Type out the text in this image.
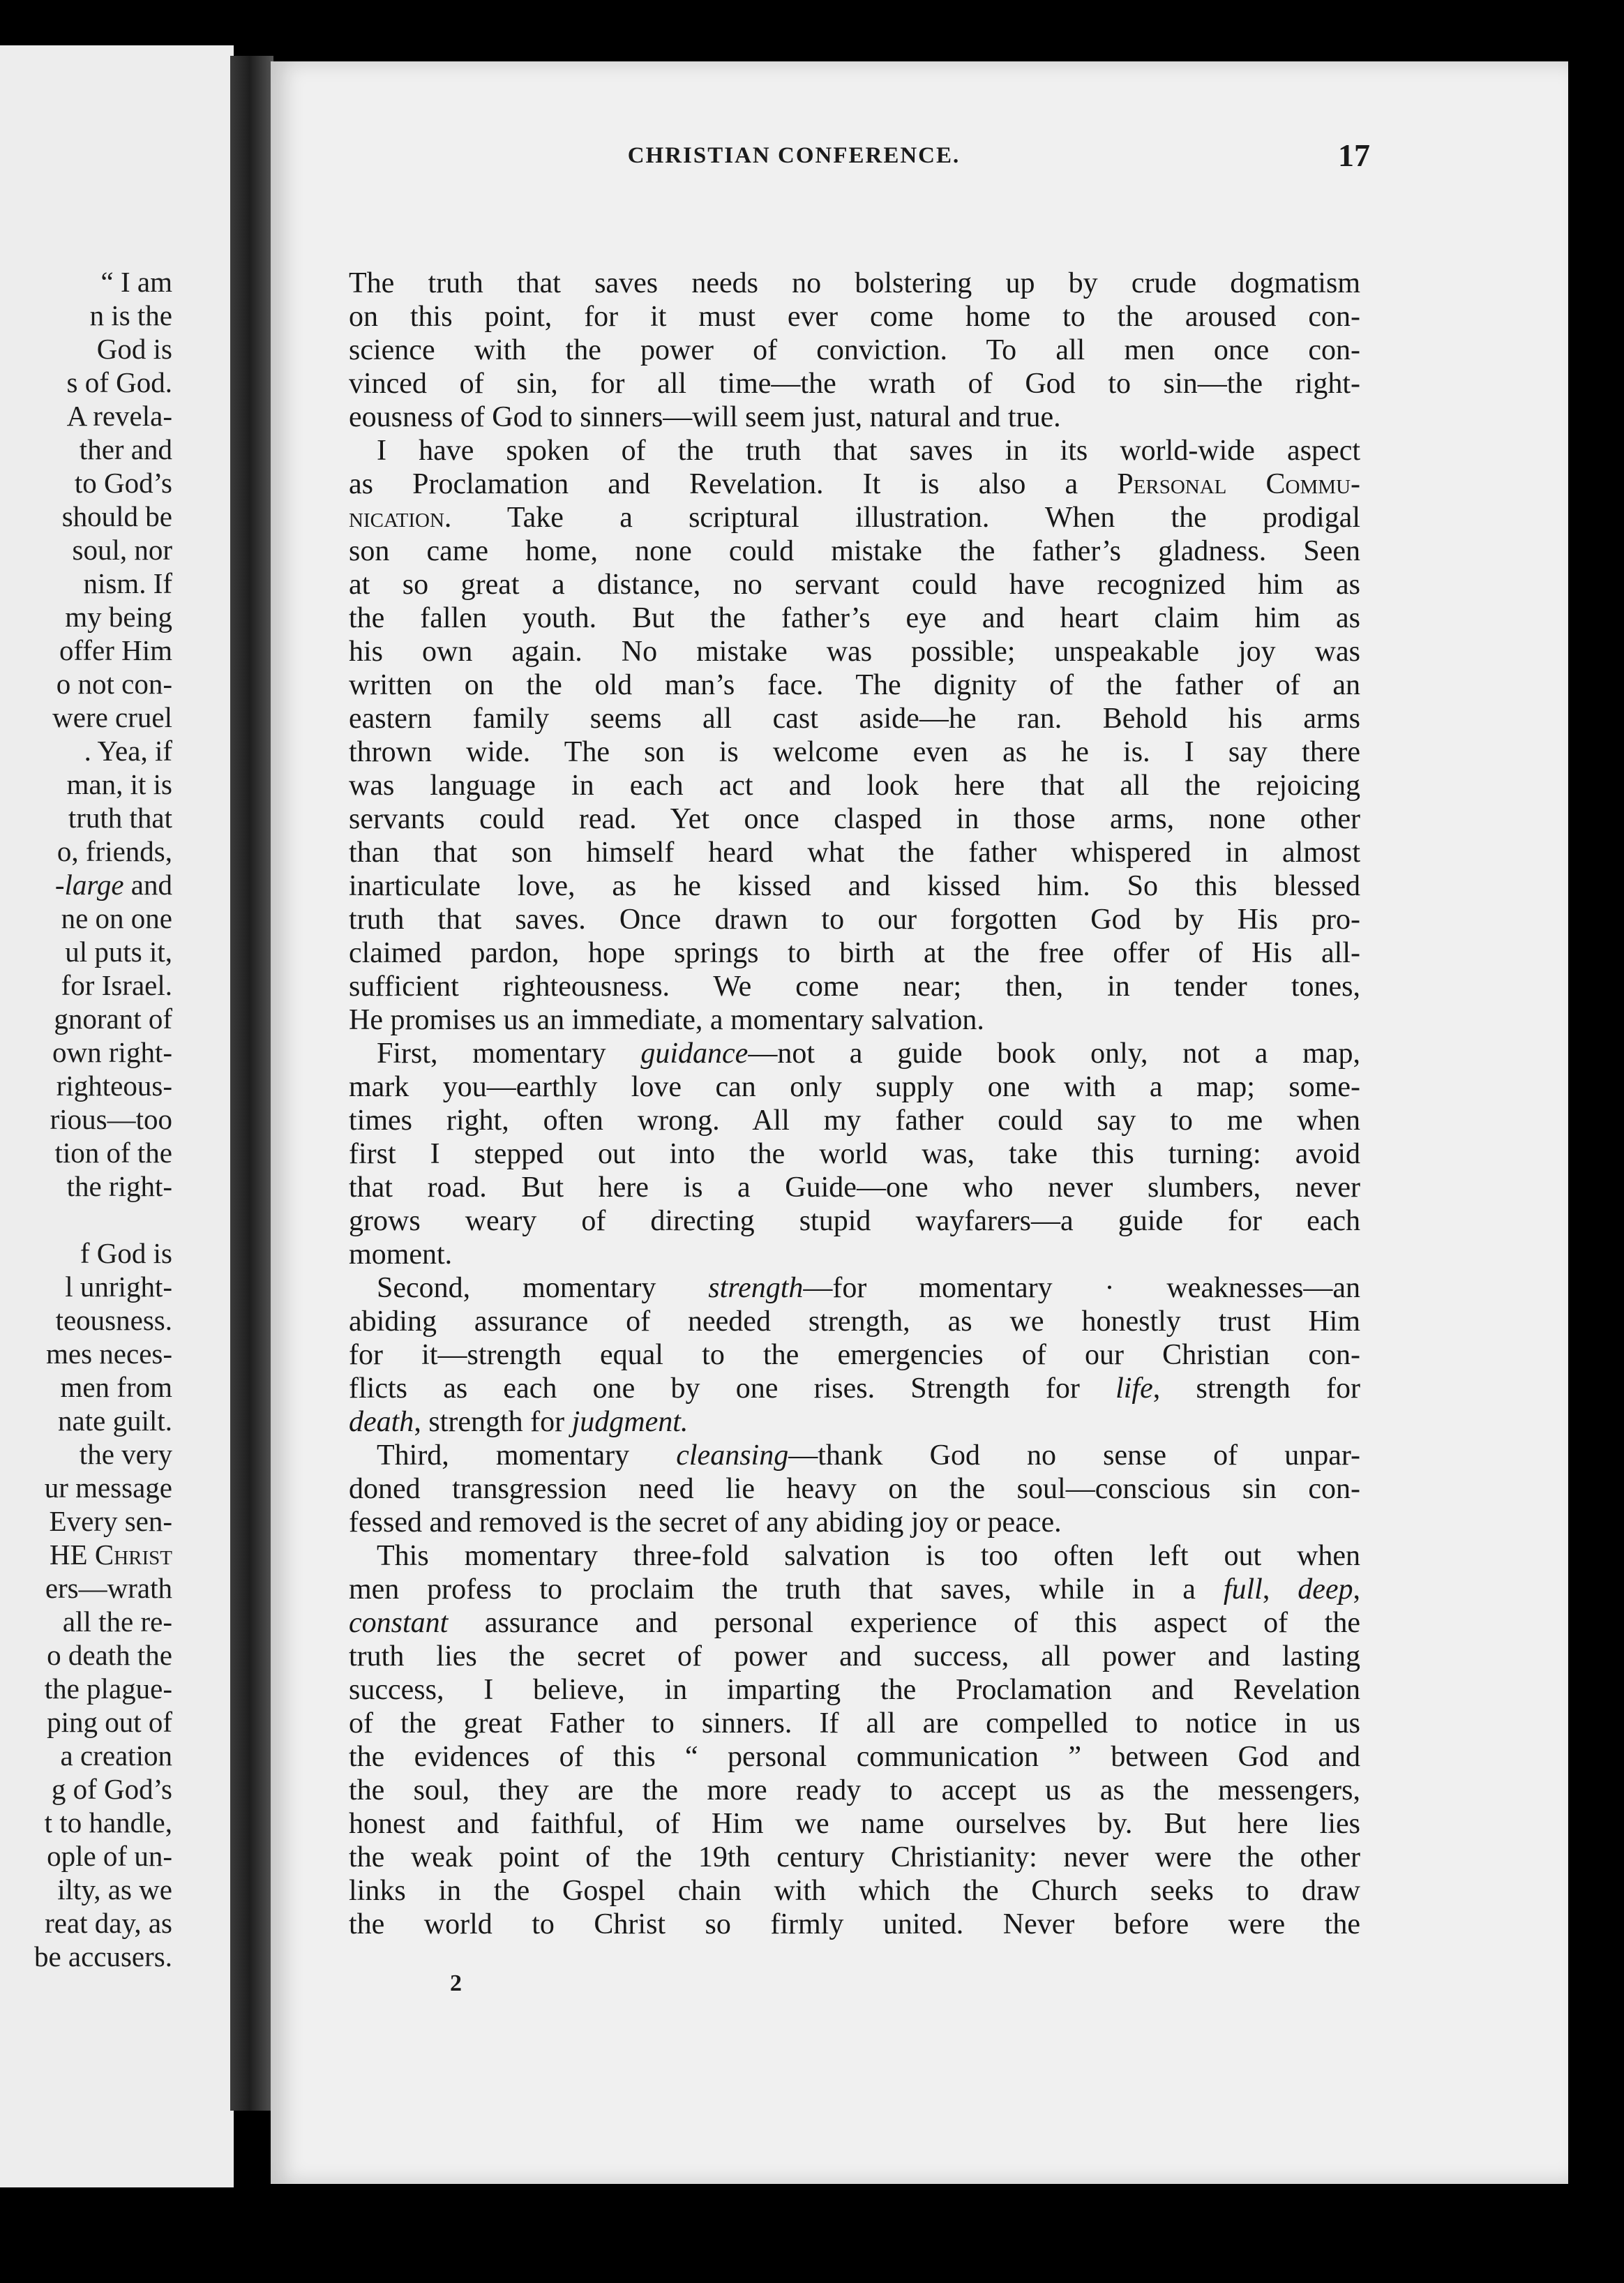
“ I am
n is the
God is
s of God.
A revela-
ther and
to God’s
should be
soul, nor
nism. If
my being
offer Him
o not con-
were cruel
. Yea, if
man, it is
truth that
o, friends,
-large and
ne on one
ul puts it,
for Israel.
gnorant of
own right-
righteous-
rious—too
tion of the
the right-
f God is
l unright-
teousness.
mes neces-
men from
nate guilt.
the very
ur message
Every sen-
HE Christ
ers—wrath
all the re-
o death the
the plague-
ping out of
a creation
g of God’s
t to handle,
ople of un-
ilty, as we
reat day, as
be accusers.
CHRISTIAN CONFERENCE.	17
The truth that saves needs no bolstering up by crude dogmatism
on this point, for it must ever come home to the aroused con-
science with the power of conviction. To all men once con-
vinced of sin, for all time—the wrath of God to sin—the right-
eousness of God to sinners—will seem just, natural and true.
I have spoken of the truth that saves in its world-wide aspect
as Proclamation and Revelation. It is also a Personal Commu-
nication. Take a scriptural illustration. When the prodigal
son came home, none could mistake the father’s gladness. Seen
at so great a distance, no servant could have recognized him as
the fallen youth. But the father’s eye and heart claim him as
his own again. No mistake was possible; unspeakable joy was
written on the old man’s face. The dignity of the father of an
eastern family seems all cast aside—he ran. Behold his arms
thrown wide. The son is welcome even as he is. I say there
was language in each act and look here that all the rejoicing
servants could read. Yet once clasped in those arms, none other
than that son himself heard what the father whispered in almost
inarticulate love, as he kissed and kissed him. So this blessed
truth that saves. Once drawn to our forgotten God by His pro-
claimed pardon, hope springs to birth at the free offer of His all-
sufficient righteousness. We come near; then, in tender tones,
He promises us an immediate, a momentary salvation.
First, momentary guidance—not a guide book only, not a map,
mark you—earthly love can only supply one with a map; some-
times right, often wrong. All my father could say to me when
first I stepped out into the world was, take this turning: avoid
that road. But here is a Guide—one who never slumbers, never
grows weary of directing stupid wayfarers—a guide for each
moment.
Second, momentary strength—for momentary · weaknesses—an
abiding assurance of needed strength, as we honestly trust Him
for it—strength equal to the emergencies of our Christian con-
flicts as each one by one rises. Strength for life, strength for
death, strength for judgment.
Third, momentary cleansing—thank God no sense of unpar-
doned transgression need lie heavy on the soul—conscious sin con-
fessed and removed is the secret of any abiding joy or peace.
This momentary three-fold salvation is too often left out when
men profess to proclaim the truth that saves, while in a full, deep,
constant assurance and personal experience of this aspect of the
truth lies the secret of power and success, all power and lasting
success, I believe, in imparting the Proclamation and Revelation
of the great Father to sinners. If all are compelled to notice in us
the evidences of this “ personal communication ” between God and
the soul, they are the more ready to accept us as the messengers,
honest and faithful, of Him we name ourselves by. But here lies
the weak point of the 19th century Christianity: never were the other
links in the Gospel chain with which the Church seeks to draw
the world to Christ so firmly united. Never before were the
2
